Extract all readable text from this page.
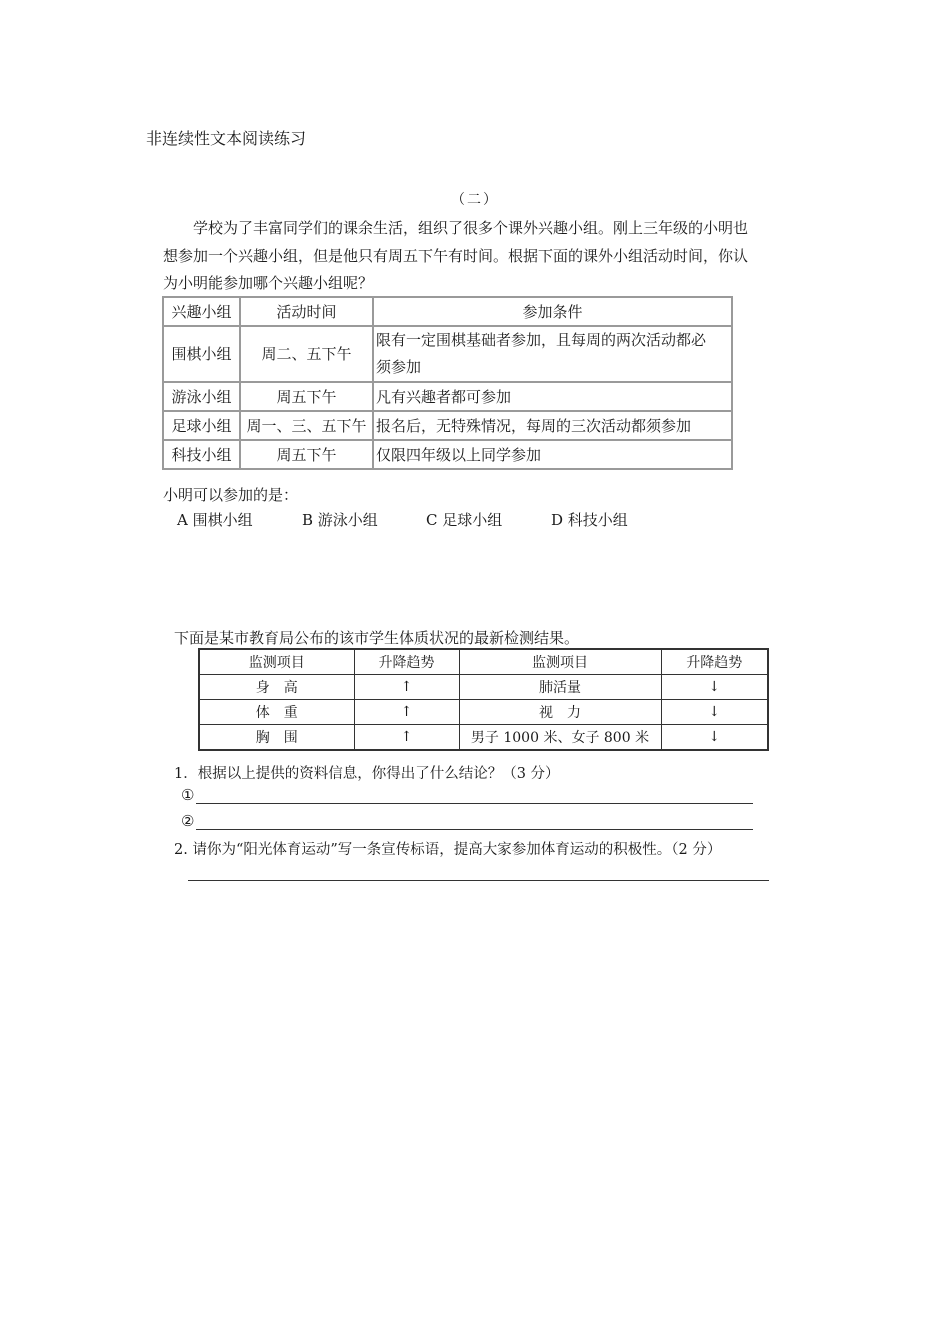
非连续性文本阅读练习
（二）
学校为了丰富同学们的课余生活，组织了很多个课外兴趣小组。刚上三年级的小明也
想参加一个兴趣小组，但是他只有周五下午有时间。根据下面的课外小组活动时间，你认
为小明能参加哪个兴趣小组呢？
兴趣小组	活动时间	参加条件
围棋小组	周二、五下午	限有一定围棋基础者参加，且每周的两次活动都必
须参加

游泳小组	周五下午	凡有兴趣者都可参加
足球小组	周一、三、五下午	报名后，无特殊情况，每周的三次活动都须参加
科技小组	周五下午	仅限四年级以上同学参加
小明可以参加的是：
A 围棋小组	B 游泳小组	C 足球小组	D 科技小组
下面是某市教育局公布的该市学生体质状况的最新检测结果。
监测项目	升降趋势	监测项目	升降趋势
身　高	↑	肺活量	↓
体　重	↑	视　力	↓
胸　围	↑	男子 1000 米、女子 800 米	↓
1．根据以上提供的资料信息，你得出了什么结论？（3 分）
①
②
2. 请你为“阳光体育运动”写一条宣传标语，提高大家参加体育运动的积极性。（2 分）
